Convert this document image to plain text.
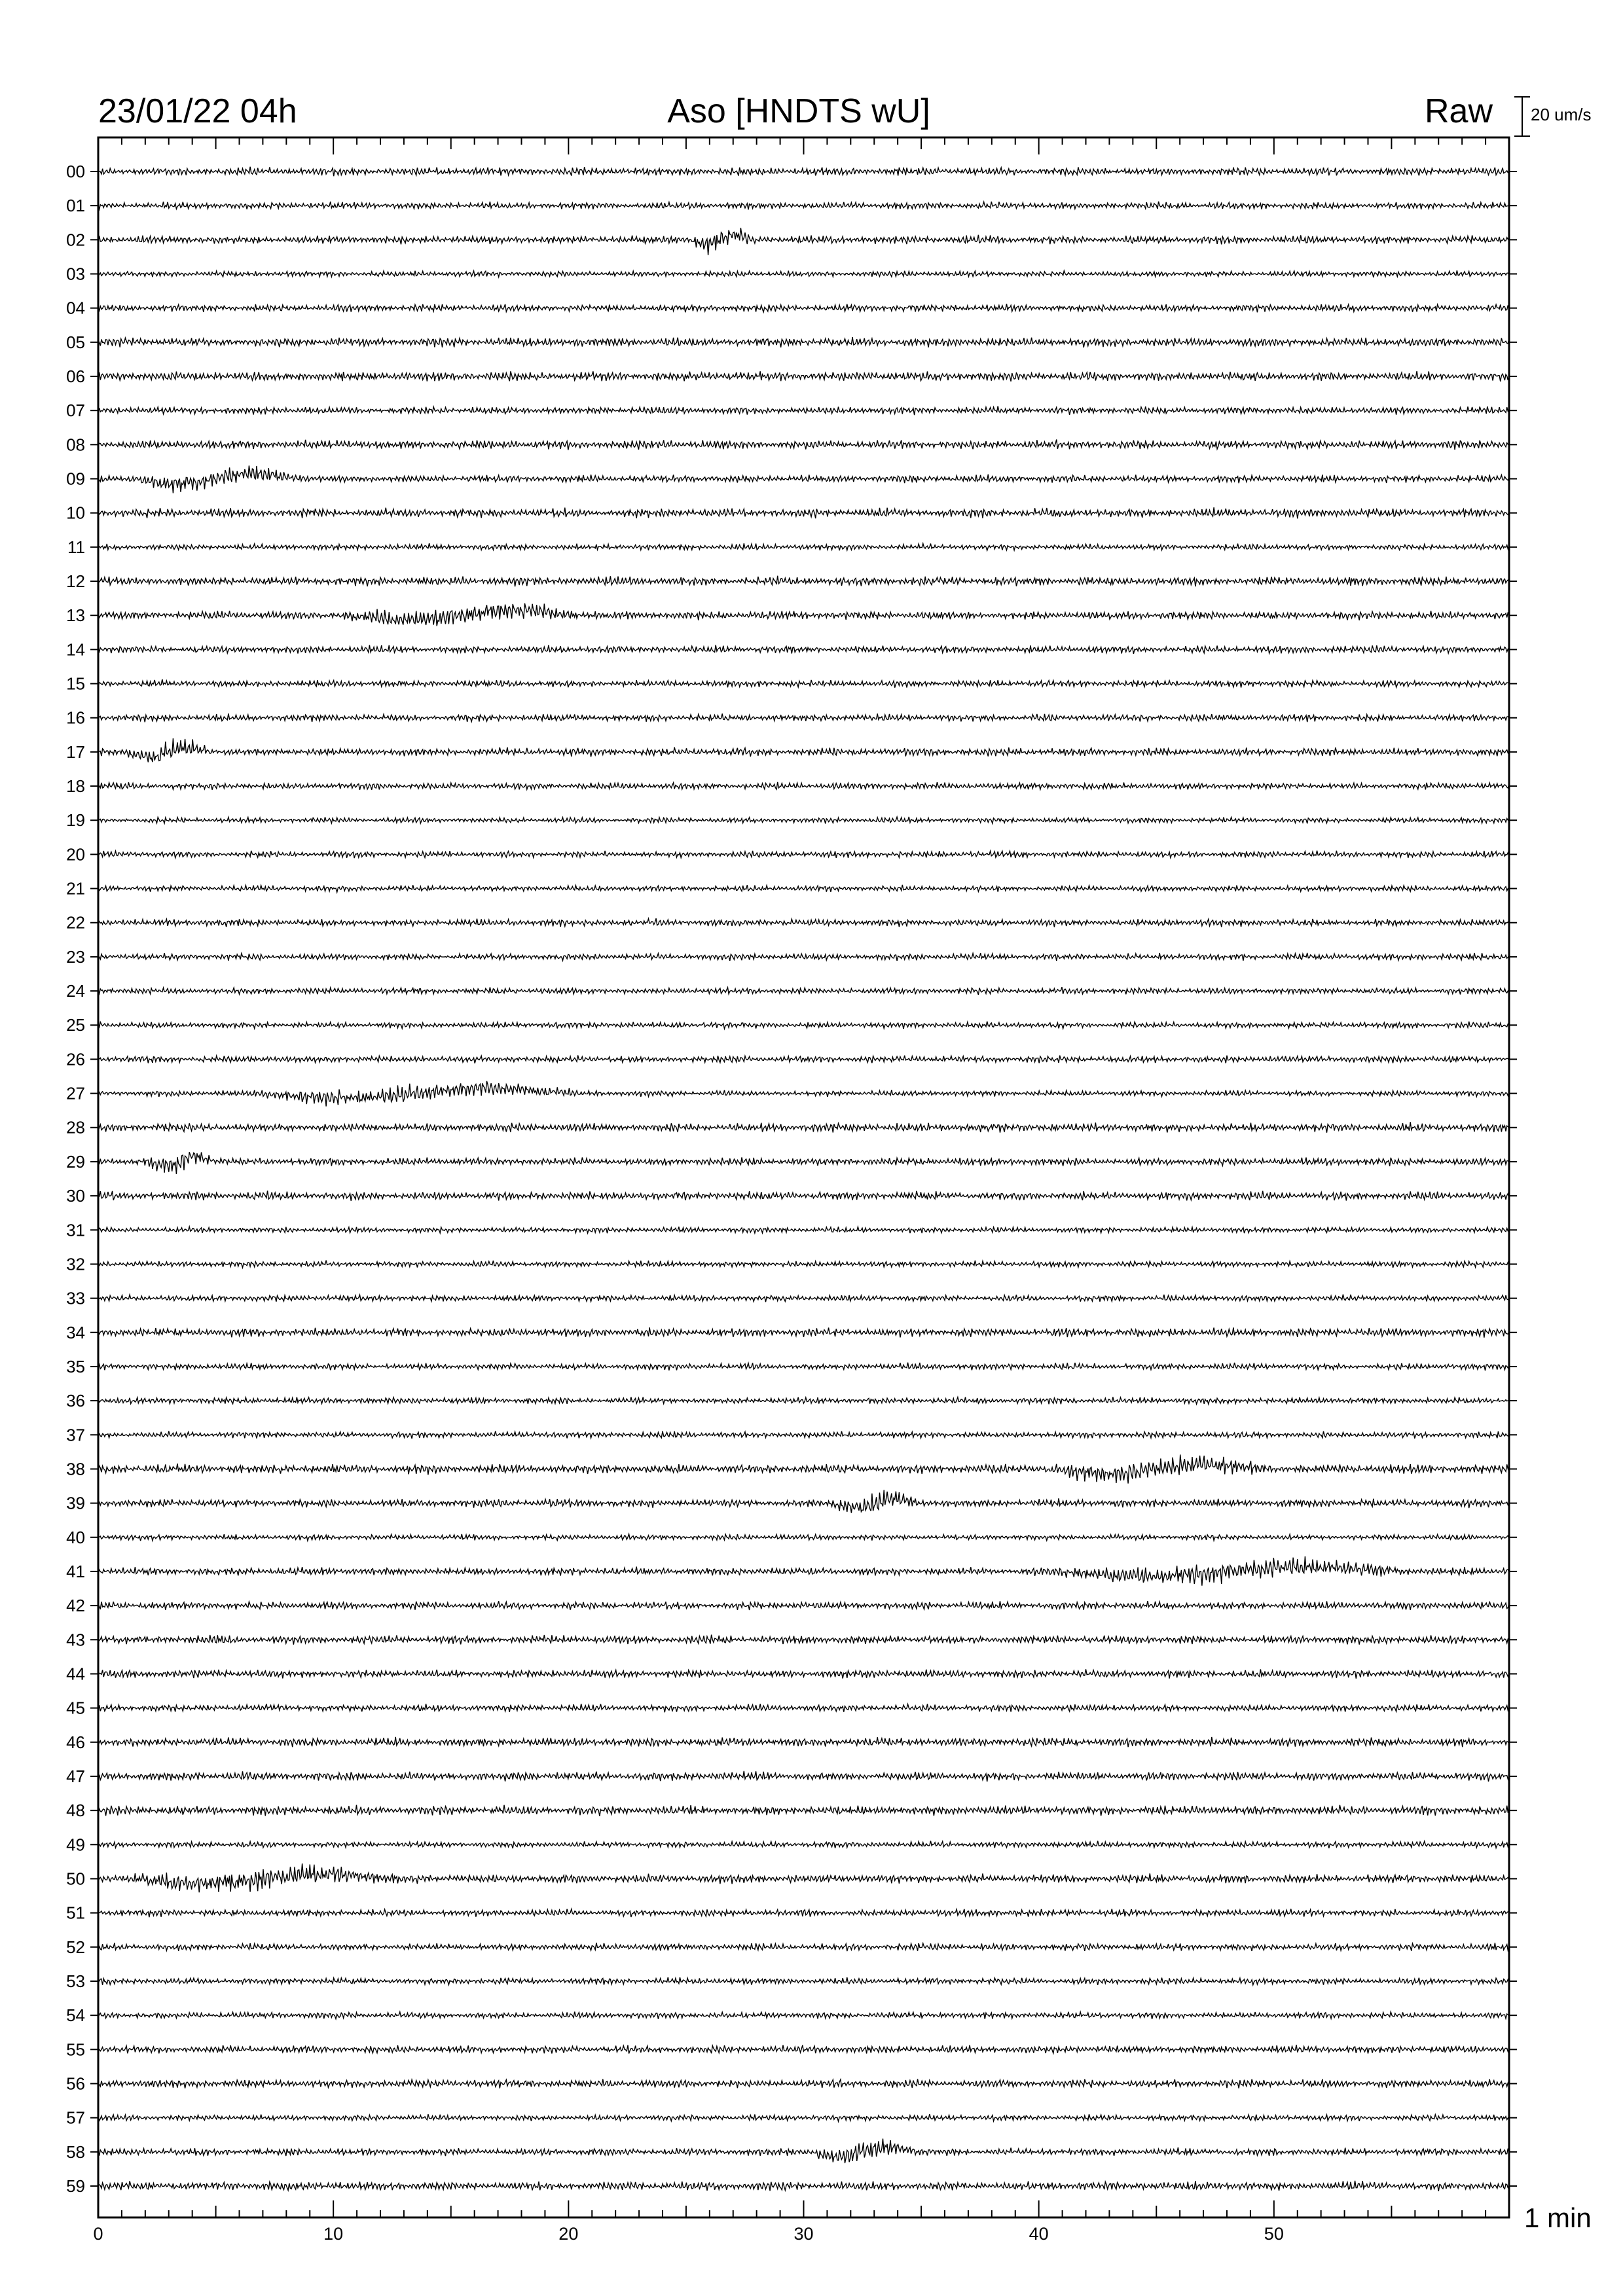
23/01/22 04h	Aso [HNDTS wU]	Raw 20 um/s
1 min
0	10	20	30	40	50
00
01
02
03
04
05
06
07
08
09
10
11
12
13
14
15
16
17
18
19
20
21
22
23
24
25
26
27
28
29
30
31
32
33
34
35
36
37
38
39
40
41
42
43
44
45
46
47
48
49
50
51
52
53
54
55
56
57
58
59
